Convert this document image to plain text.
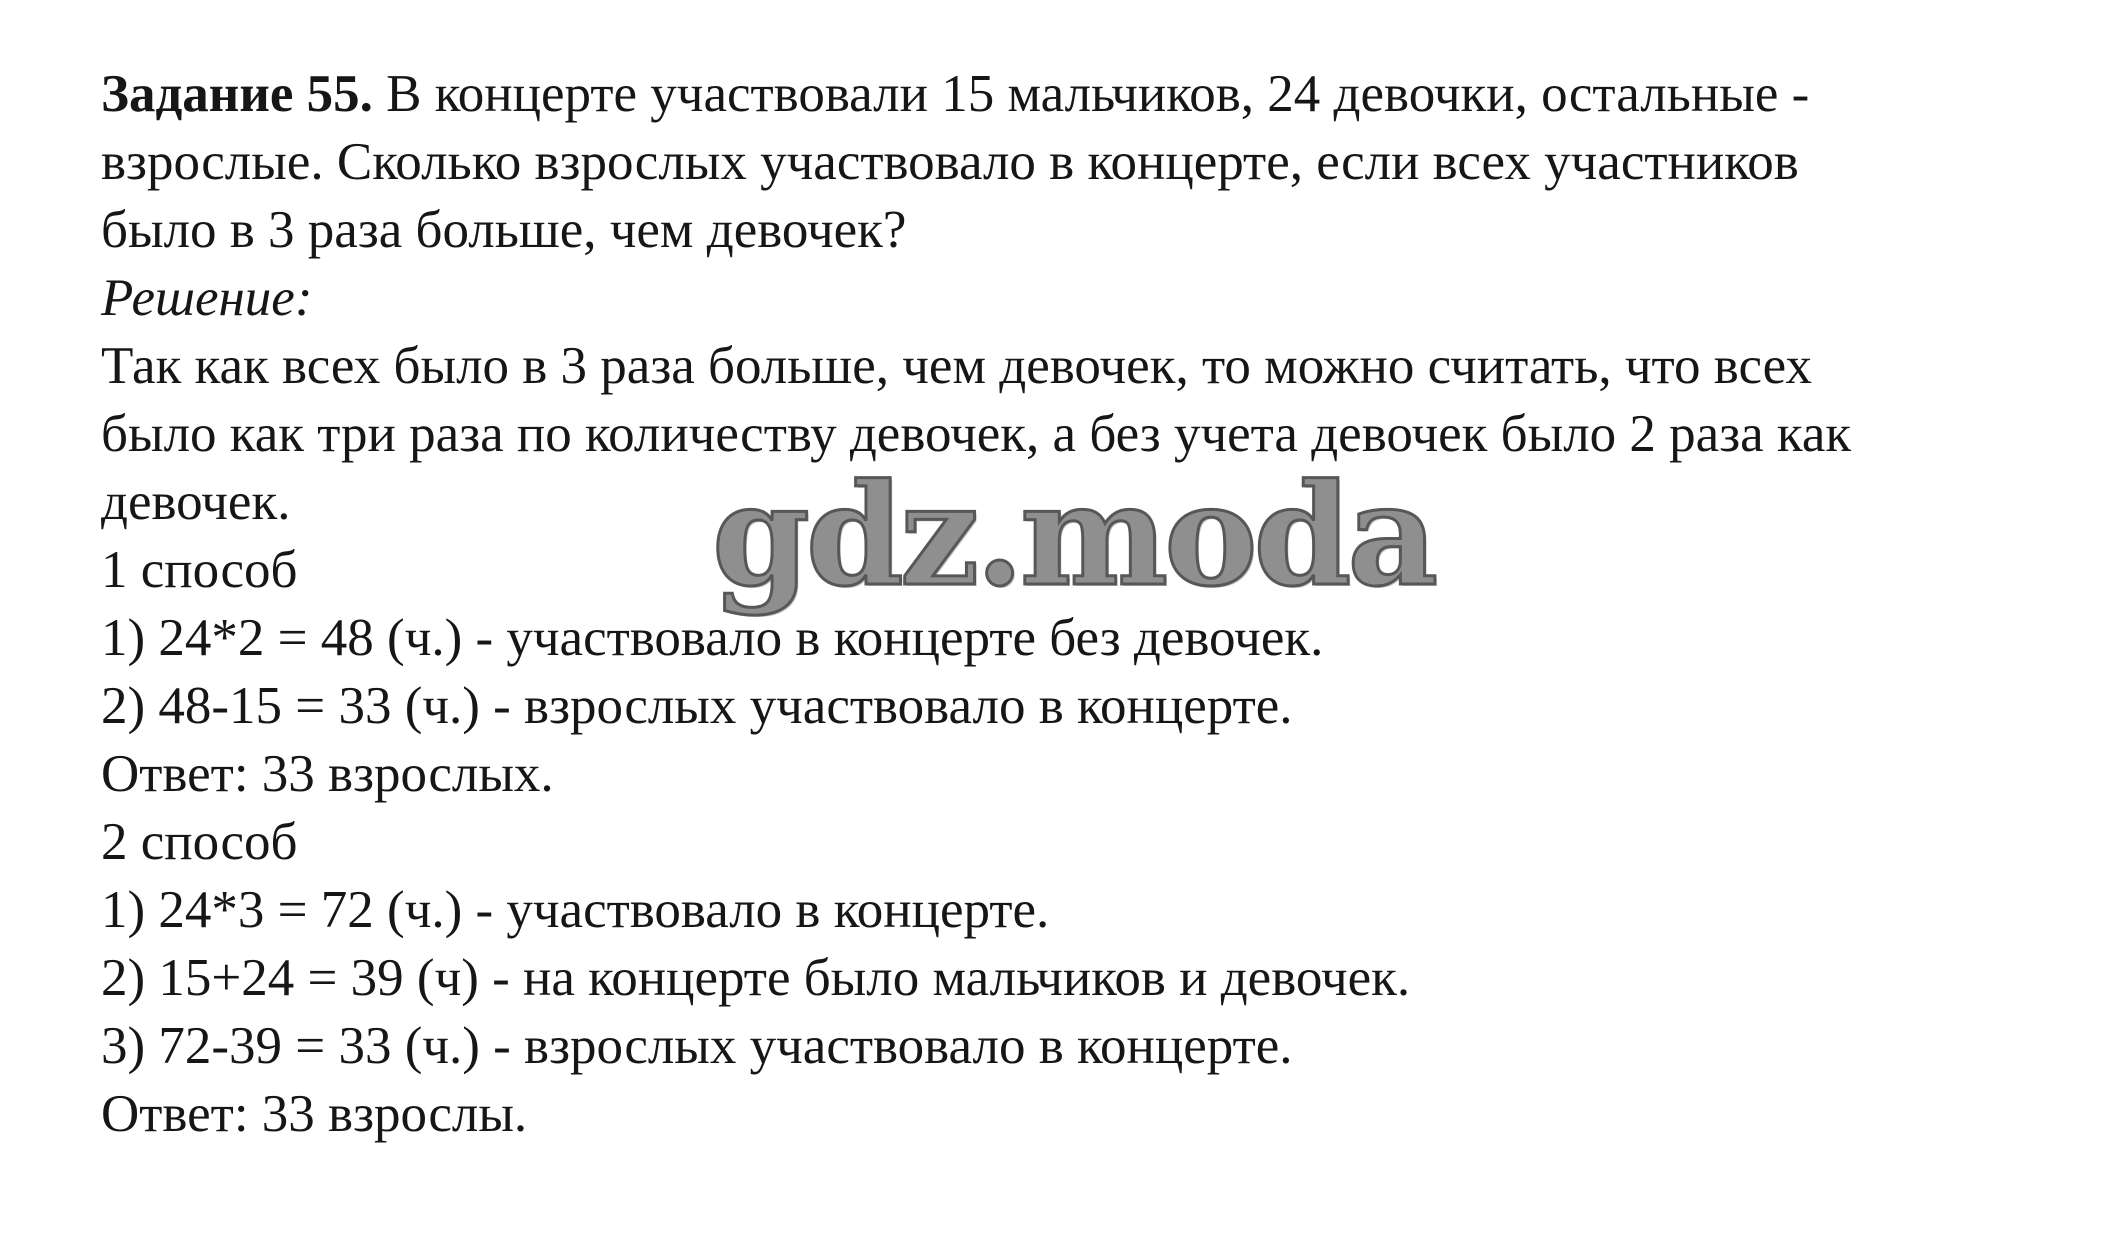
Задание 55. В концерте участвовали 15 мальчиков, 24 девочки, остальные -

взрослые. Сколько взрослых участвовало в концерте, если всех участников

было в 3 раза больше, чем девочек?

Решение:

Так как всех было в 3 раза больше, чем девочек, то можно считать, что всех

было как три раза по количеству девочек, а без учета девочек было 2 раза как

девочек.

1 способ

1) 24*2 = 48 (ч.) - участвовало в концерте без девочек.

2) 48-15 = 33 (ч.) - взрослых участвовало в концерте.

Ответ: 33 взрослых.

2 способ

1) 24*3 = 72 (ч.) - участвовало в концерте.

2) 15+24 = 39 (ч) - на концерте было мальчиков и девочек.

3) 72-39 = 33 (ч.) - взрослых участвовало в концерте.

Ответ: 33 взрослы.

gdz.moda
